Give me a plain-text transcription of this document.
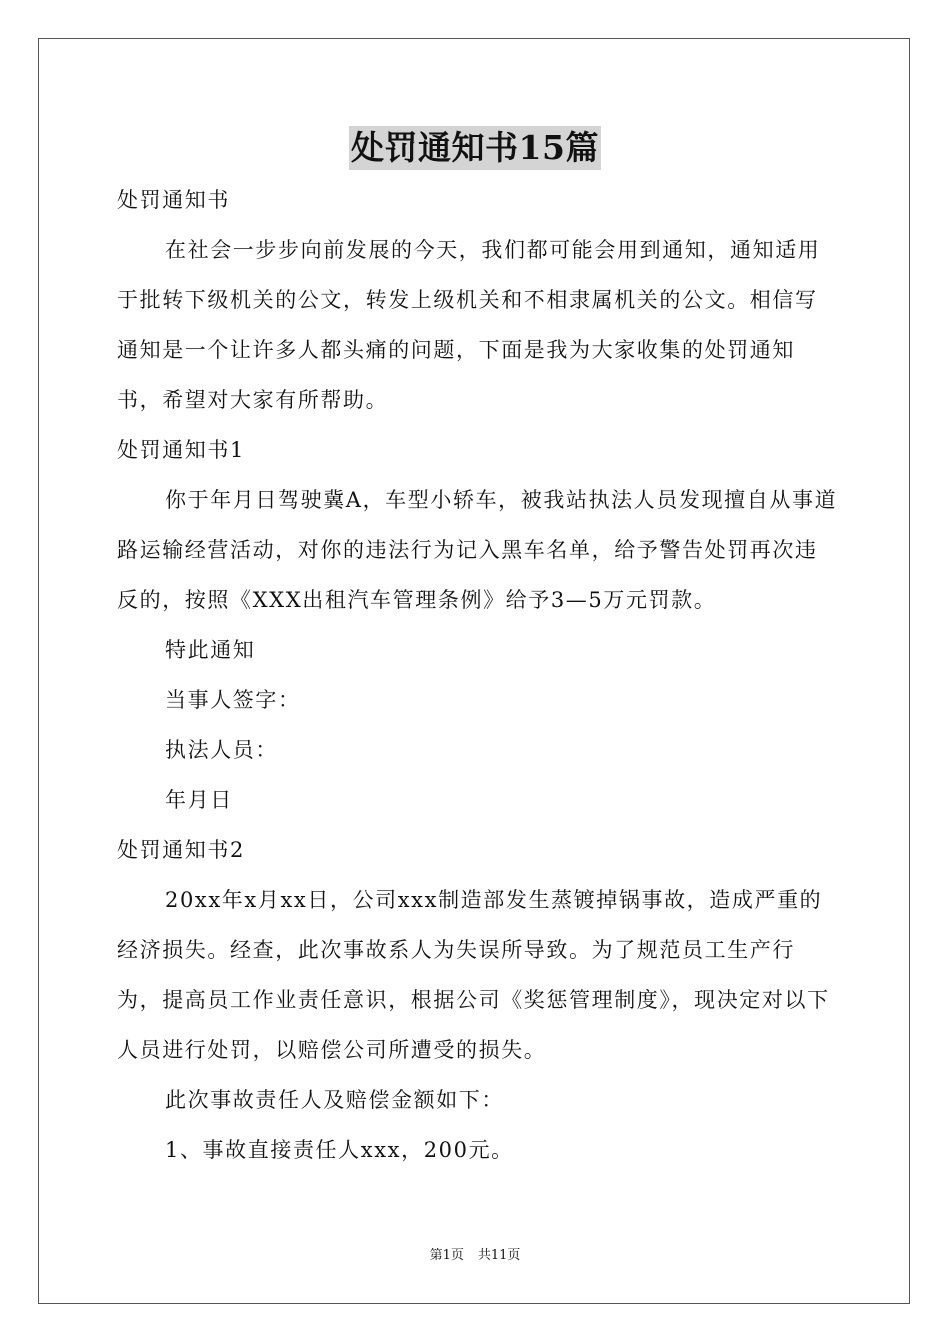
处罚通知书15篇

处罚通知书

在社会一步步向前发展的今天，我们都可能会用到通知，通知适用于批转下级机关的公文，转发上级机关和不相隶属机关的公文。相信写通知是一个让许多人都头痛的问题，下面是我为大家收集的处罚通知书，希望对大家有所帮助。

处罚通知书1

你于年月日驾驶冀A，车型小轿车，被我站执法人员发现擅自从事道路运输经营活动，对你的违法行为记入黑车名单，给予警告处罚再次违反的，按照《XXX出租汽车管理条例》给予3—5万元罚款。

特此通知

当事人签字：

执法人员：

年月日

处罚通知书2

20xx年x月xx日，公司xxx制造部发生蒸镀掉锅事故，造成严重的经济损失。经查，此次事故系人为失误所导致。为了规范员工生产行为，提高员工作业责任意识，根据公司《奖惩管理制度》，现决定对以下人员进行处罚，以赔偿公司所遭受的损失。

此次事故责任人及赔偿金额如下：

1、事故直接责任人xxx，200元。

第1页 共11页
